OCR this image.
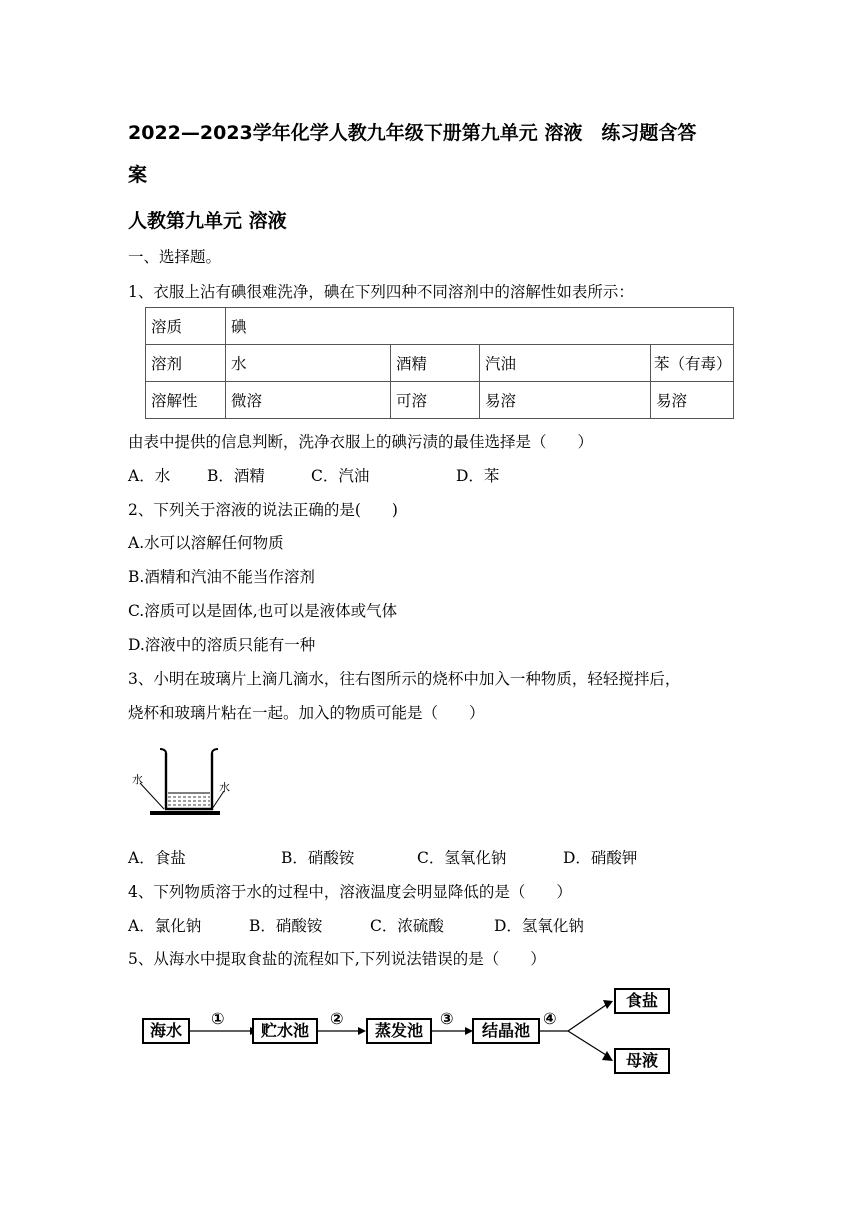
2022—2023学年化学人教九年级下册第九单元 溶液　练习题含答
案
人教第九单元 溶液
一、选择题。
1、衣服上沾有碘很难洗净，碘在下列四种不同溶剂中的溶解性如表所示：
溶质	碘			
溶剂	水	酒精	汽油	苯（有毒）
溶解性	微溶	可溶	易溶	易溶
由表中提供的信息判断，洗净衣服上的碘污渍的最佳选择是（　　）
A．水 B．酒精	C．汽油	D．苯
2、下列关于溶液的说法正确的是(　　)
A.水可以溶解任何物质
B.酒精和汽油不能当作溶剂
C.溶质可以是固体,也可以是液体或气体
D.溶液中的溶质只能有一种
3、小明在玻璃片上滴几滴水，往右图所示的烧杯中加入一种物质，轻轻搅拌后，
烧杯和玻璃片粘在一起。加入的物质可能是（　　）
水
水
A．食盐	B．硝酸铵	C．氢氧化钠	D．硝酸钾
4、下列物质溶于水的过程中，溶液温度会明显降低的是（　　）
A．氯化钠	B．硝酸铵	C．浓硫酸	D．氢氧化钠
5、从海水中提取食盐的流程如下,下列说法错误的是（　　）
海水	贮水池	蒸发池	结晶池
食盐
母液
①	②	③	④
